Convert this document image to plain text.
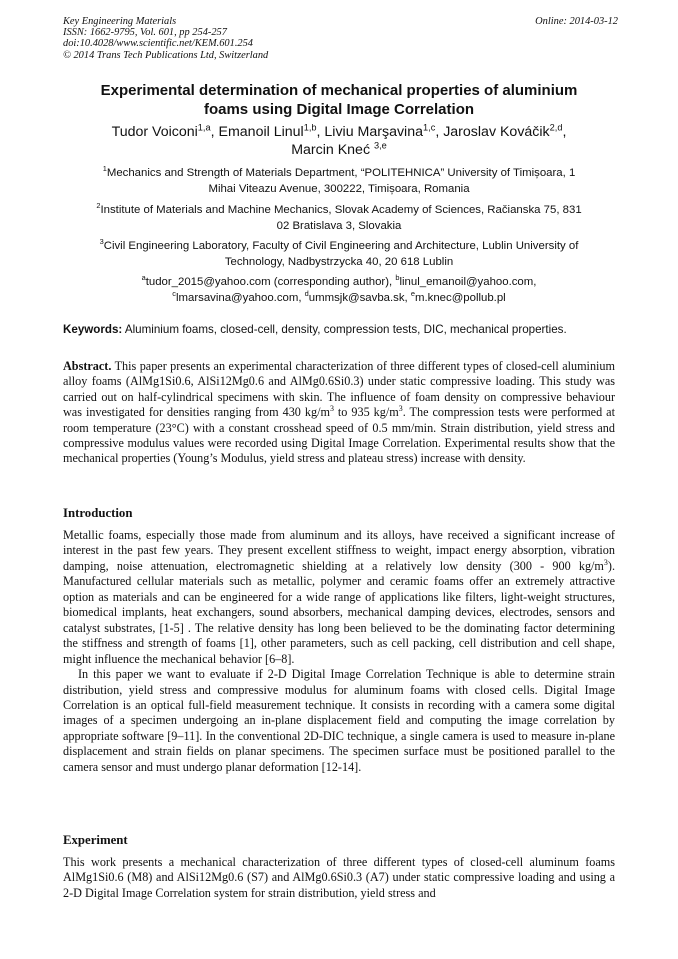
Key Engineering Materials
ISSN: 1662-9795, Vol. 601, pp 254-257
doi:10.4028/www.scientific.net/KEM.601.254
© 2014 Trans Tech Publications Ltd, Switzerland
Online: 2014-03-12
Experimental determination of mechanical properties of aluminium
foams using Digital Image Correlation
Tudor Voiconi$^{1,a}$, Emanoil Linul$^{1,b}$, Liviu Marşavina$^{1,c}$, Jaroslav Kováčik$^{2,d}$,
Marcin Kneć $^{3,e}$
$^1$Mechanics and Strength of Materials Department, “POLITEHNICA” University of Timișoara, 1
Mihai Viteazu Avenue, 300222, Timișoara, Romania
$^2$Institute of Materials and Machine Mechanics, Slovak Academy of Sciences, Račianska 75, 831
02 Bratislava 3, Slovakia
$^3$Civil Engineering Laboratory, Faculty of Civil Engineering and Architecture, Lublin University of
Technology, Nadbystrzycka 40, 20 618 Lublin
$^a$tudor_2015@yahoo.com (corresponding author), $^b$linul_emanoil@yahoo.com,
$^c$lmarsavina@yahoo.com, $^d$ummsjk@savba.sk, $^e$m.knec@pollub.pl
Keywords: Aluminium foams, closed-cell, density, compression tests, DIC, mechanical properties.
Abstract. This paper presents an experimental characterization of three different types of closed-cell aluminium alloy foams (AlMg1Si0.6, AlSi12Mg0.6 and AlMg0.6Si0.3) under static compressive loading. This study was carried out on half-cylindrical specimens with skin. The influence of foam density on compressive behaviour was investigated for densities ranging from 430 $kg/m^3$ to 935 $kg/m^3$. The compression tests were performed at room temperature (23°C) with a constant crosshead speed of 0.5 mm/min. Strain distribution, yield stress and compressive modulus values were recorded using Digital Image Correlation. Experimental results show that the mechanical properties (Young’s Modulus, yield stress and plateau stress) increase with density.
Introduction

Metallic foams, especially those made from aluminum and its alloys, have received a significant increase of interest in the past few years. They present excellent stiffness to weight, impact energy absorption, vibration damping, noise attenuation, electromagnetic shielding at a relatively low density (300 - 900 $kg/m^3$). Manufactured cellular materials such as metallic, polymer and ceramic foams offer an extremely attractive option as materials and can be engineered for a wide range of applications like filters, light-weight structures, biomedical implants, heat exchangers, sound absorbers, mechanical damping devices, electrodes, sensors and catalyst substrates, [1-5] . The relative density has long been believed to be the dominating factor determining the stiffness and strength of foams [1], other parameters, such as cell packing, cell distribution and cell shape, might influence the mechanical behavior [6–8].

In this paper we want to evaluate if 2-D Digital Image Correlation Technique is able to determine strain distribution, yield stress and compressive modulus for aluminum foams with closed cells. Digital Image Correlation is an optical full-field measurement technique. It consists in recording with a camera some digital images of a specimen undergoing an in-plane displacement field and computing the image correlation by appropriate software [9–11]. In the conventional 2D-DIC technique, a single camera is used to measure in-plane displacement and strain fields on planar specimens. The specimen surface must be positioned parallel to the camera sensor and must undergo planar deformation [12-14].

Experiment

This work presents a mechanical characterization of three different types of closed-cell aluminum foams AlMg1Si0.6 (M8) and AlSi12Mg0.6 (S7) and AlMg0.6Si0.3 (A7) under static compressive loading and using a 2-D Digital Image Correlation system for strain distribution, yield stress and
